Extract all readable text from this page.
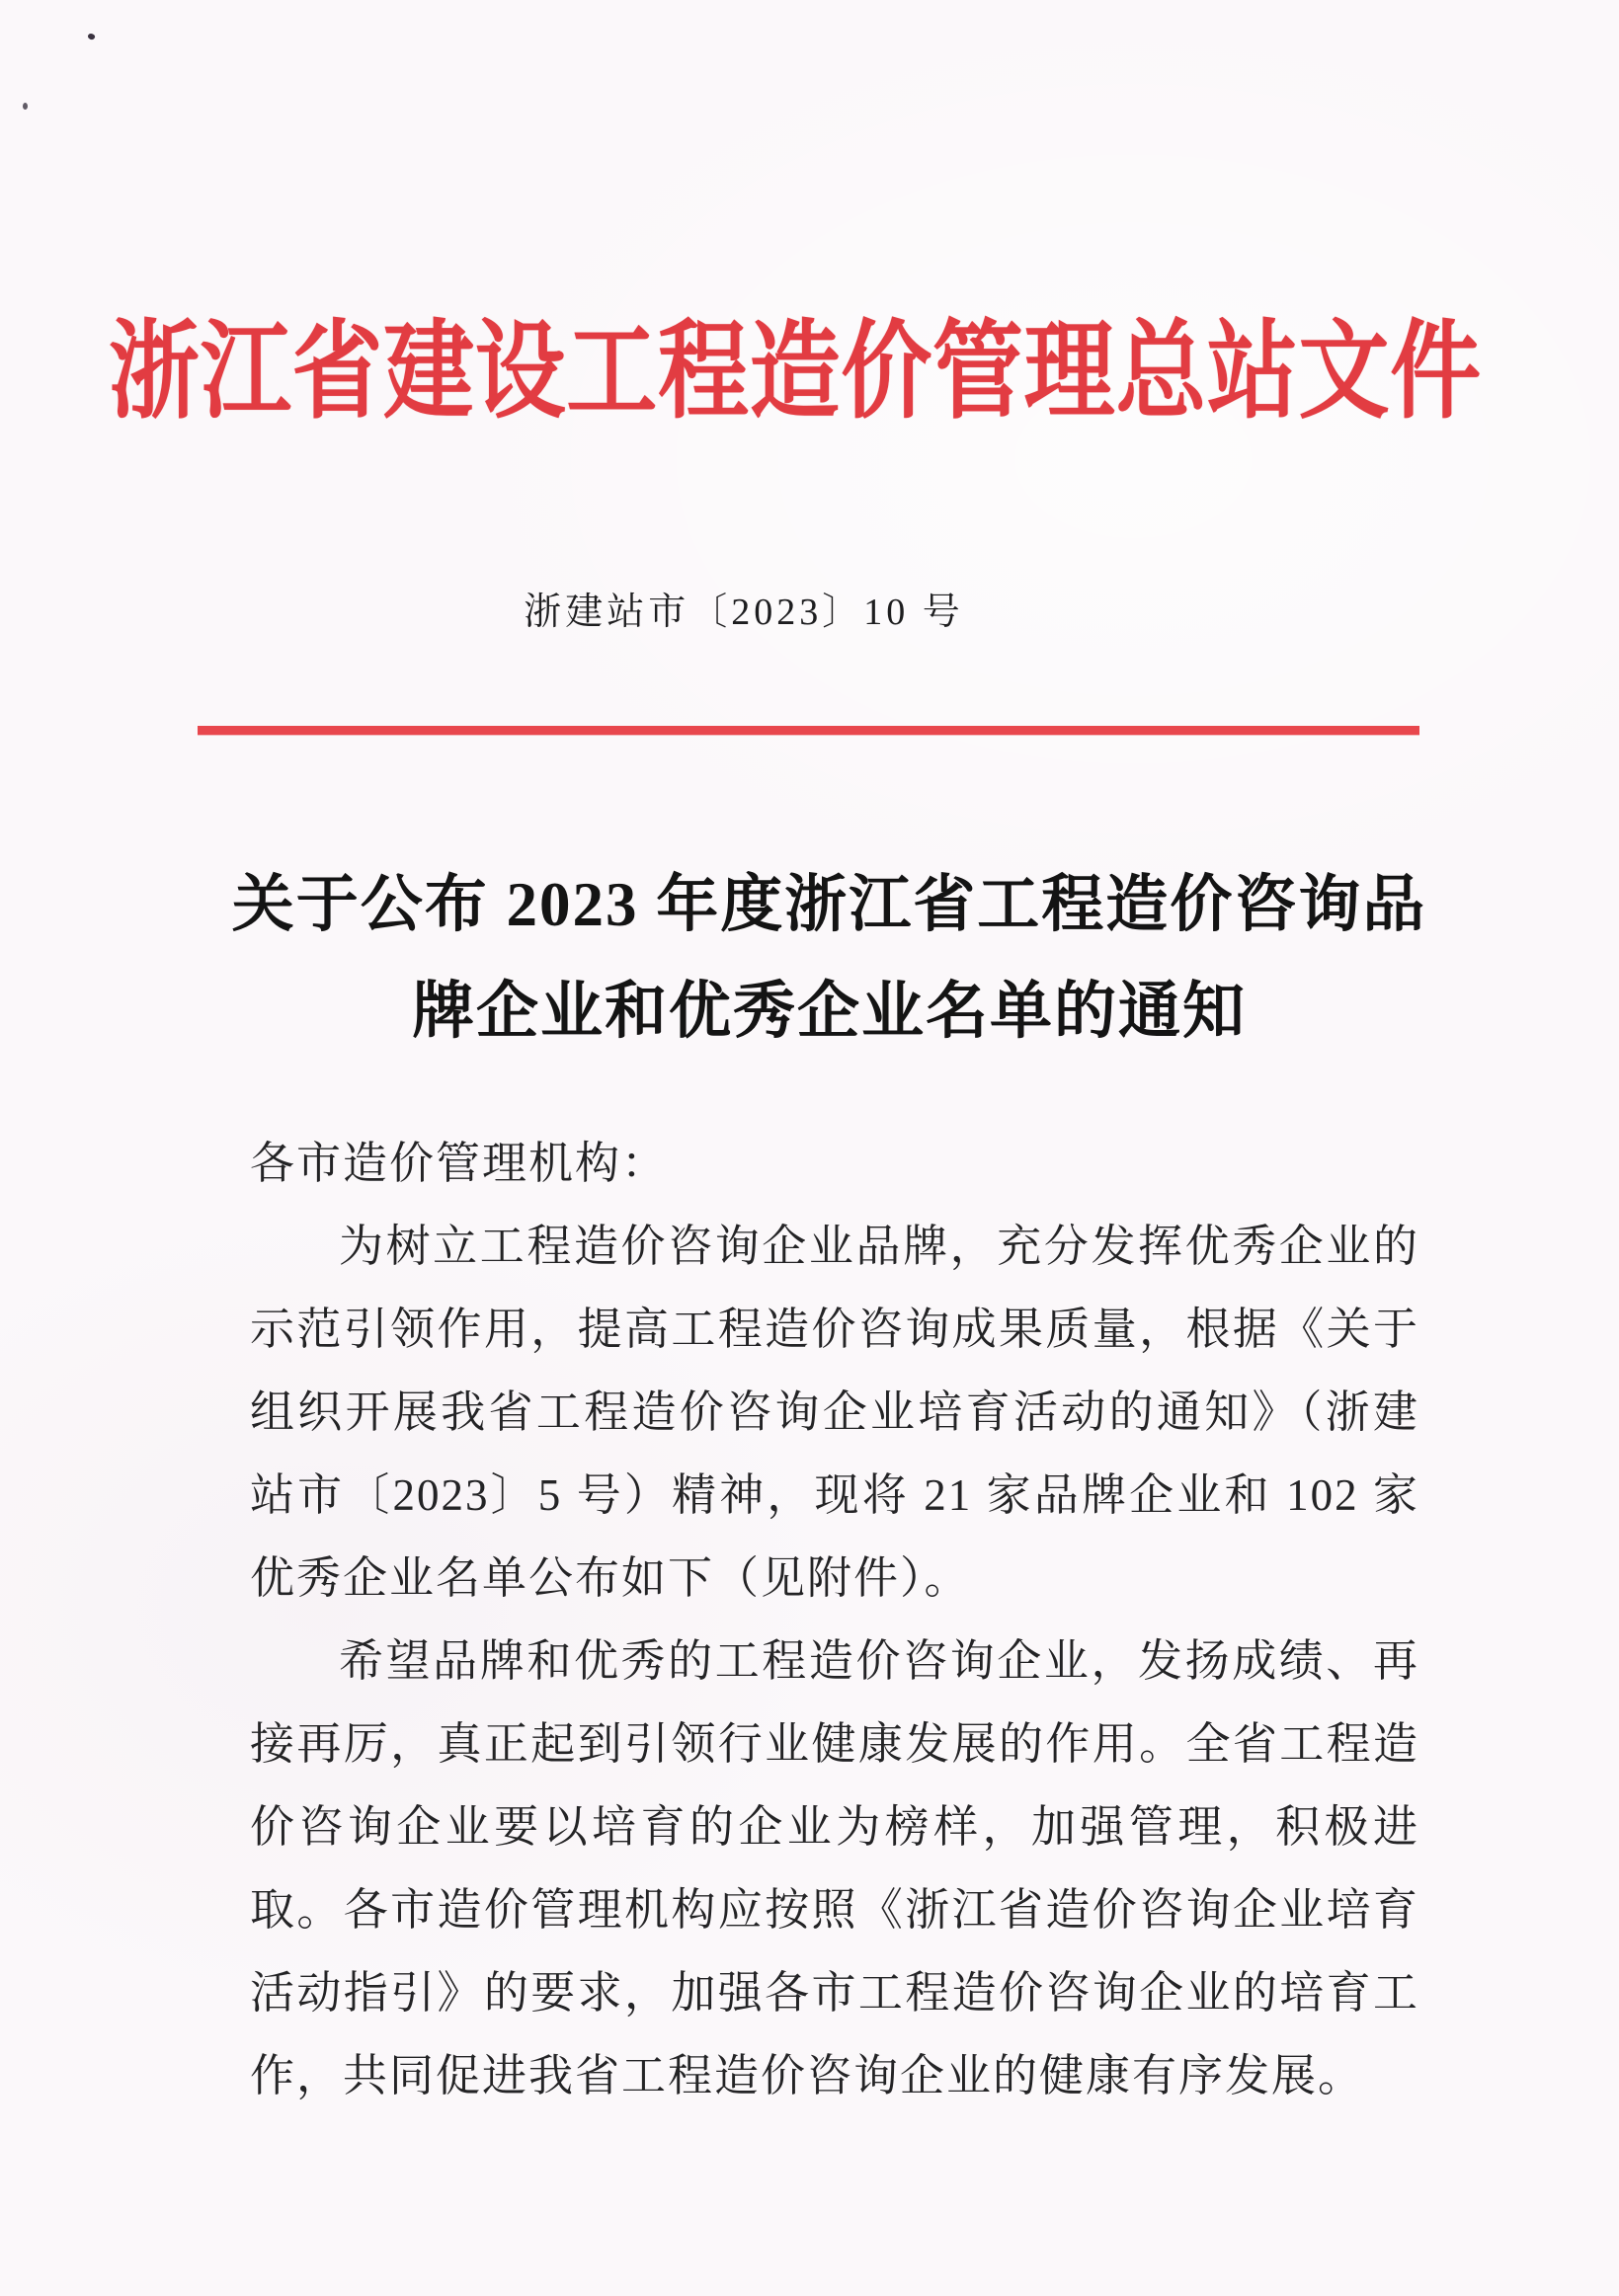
浙江省建设工程造价管理总站文件
浙建站市〔2023〕10 号
关于公布 2023 年度浙江省工程造价咨询品
牌企业和优秀企业名单的通知

各市造价管理机构：

为树立工程造价咨询企业品牌，充分发挥优秀企业的示范引领作用，提高工程造价咨询成果质量，根据《关于组织开展我省工程造价咨询企业培育活动的通知》（浙建站市〔2023〕5 号）精神，现将 21 家品牌企业和 102 家优秀企业名单公布如下（见附件）。

希望品牌和优秀的工程造价咨询企业，发扬成绩、再接再厉，真正起到引领行业健康发展的作用。全省工程造价咨询企业要以培育的企业为榜样，加强管理，积极进取。各市造价管理机构应按照《浙江省造价咨询企业培育活动指引》的要求，加强各市工程造价咨询企业的培育工作，共同促进我省工程造价咨询企业的健康有序发展。
